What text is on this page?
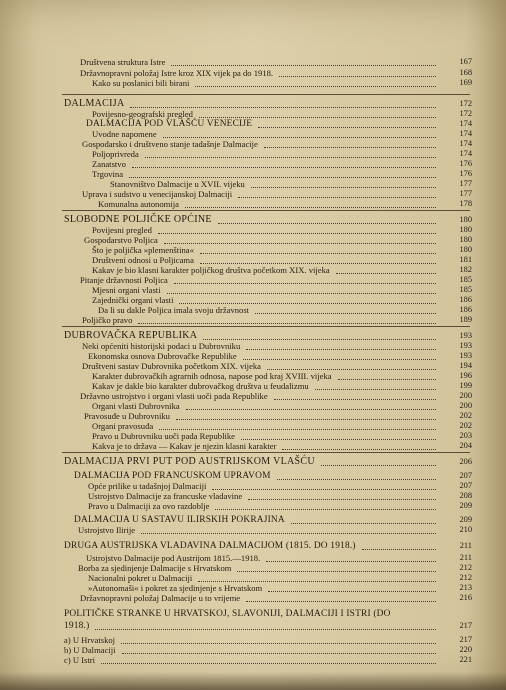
Društvena struktura Istre	167
Državnopravni položaj Istre kroz XIX vijek pa do 1918.	168
Kako su poslanici bili birani	169
DALMACIJA	172
Povijesno-geografski pregled	172
DALMACIJA POD VLAŠĆU VENECIJE	174
Uvodne napomene	174
Gospodarsko i društveno stanje tadašnje Dalmacije	174
Poljoprivreda	174
Zanatstvo	176
Trgovina	176
Stanovništvo Dalmacije u XVII. vijeku	177
Uprava i sudstvo u venecijanskoj Dalmaciji	177
Komunalna autonomija	178
SLOBODNE POLJIČKE OPĆINE	180
Povijesni pregled	180
Gospodarstvo Poljica	180
Što je poljička »plemenština«	180
Društveni odnosi u Poljicama	181
Kakav je bio klasni karakter poljičkog društva početkom XIX. vijeka	182
Pitanje državnosti Poljica	185
Mjesni organi vlasti	185
Zajednički organi vlasti	186
Da li su dakle Poljica imala svoju državnost	186
Poljičko pravo	189
DUBROVAČKA REPUBLIKA	193
Neki općeniti historijski podaci u Dubrovniku	193
Ekonomska osnova Dubrovačke Republike	193
Društveni sastav Dubrovnika početkom XIX. vijeka	194
Karakter dubrovačkih agrarnih odnosa, napose pod kraj XVIII. vijeka	196
Kakav je dakle bio karakter dubrovačkog društva u feudalizmu	199
Državno ustrojstvo i organi vlasti uoči pada Republike	200
Organi vlasti Dubrovnika	200
Pravosuđe u Dubrovniku	202
Organi pravosuđa	202
Pravo u Dubrovniku uoči pada Republike	203
Kakva je to država — Kakav je njezin klasni karakter	204
DALMACIJA PRVI PUT POD AUSTRIJSKOM VLAŠĆU	206
DALMACIJA POD FRANCUSKOM UPRAVOM	207
Opće prilike u tadašnjoj Dalmaciji	207
Ustrojstvo Dalmacije za francuske vladavine	208
Pravo u Dalmaciji za ovo razdoblje	209
DALMACIJA U SASTAVU ILIRSKIH POKRAJINA	209
Ustrojstvo Ilirije	210
DRUGA AUSTRIJSKA VLADAVINA DALMACIJOM (1815. DO 1918.)	211
Ustrojstvo Dalmacije pod Austrijom 1815.—1918.	211
Borba za sjedinjenje Dalmacije s Hrvatskom	212
Nacionalni pokret u Dalmaciji	212
»Autonomaši« i pokret za sjedinjenje s Hrvatskom	213
Državnopravni položaj Dalmacije u to vrijeme	216
POLITIČKE STRANKE U HRVATSKOJ, SLAVONIJI, DALMACIJI I ISTRI (DO
1918.)	217
a) U Hrvatskoj	217
b) U Dalmaciji	220
c) U Istri	221
